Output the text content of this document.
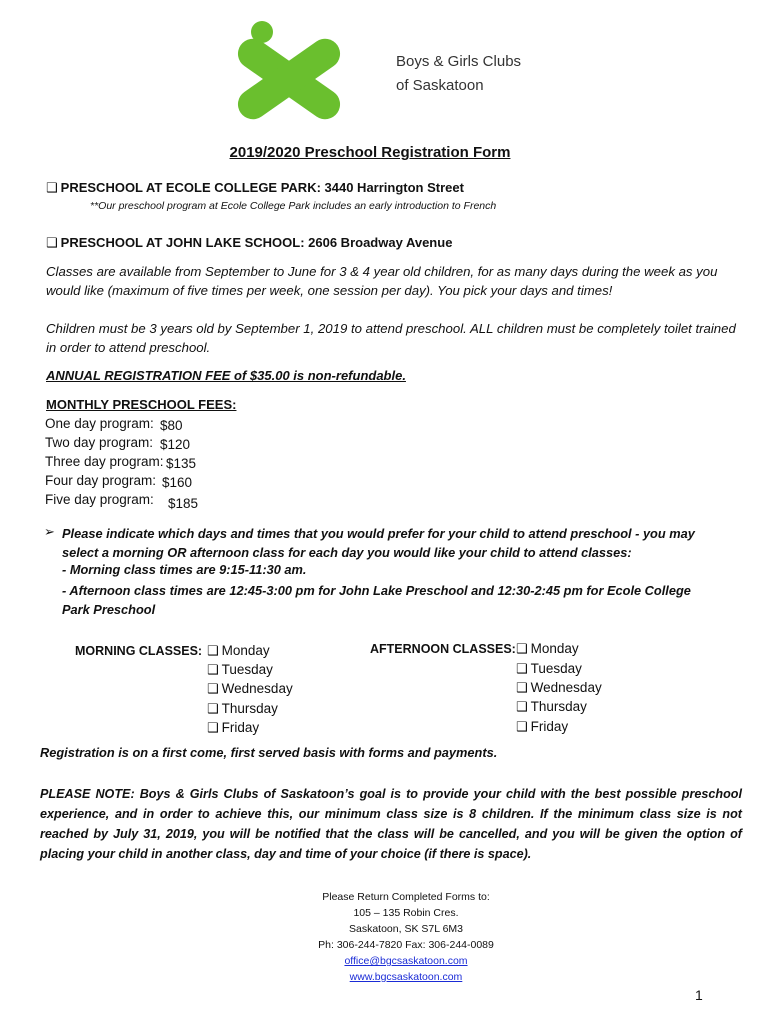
Boys & Girls Clubs
of Saskatoon
2019/2020 Preschool Registration Form
❑ PRESCHOOL AT ECOLE COLLEGE PARK: 3440 Harrington Street
**Our preschool program at Ecole College Park includes an early introduction to French
❑ PRESCHOOL AT JOHN LAKE SCHOOL: 2606 Broadway Avenue
Classes are available from September to June for 3 & 4 year old children, for as many days during the week as you would like (maximum of five times per week, one session per day). You pick your days and times!
Children must be 3 years old by September 1, 2019 to attend preschool. ALL children must be completely toilet trained in order to attend preschool.
ANNUAL REGISTRATION FEE of $35.00 is non-refundable.
MONTHLY PRESCHOOL FEES:
One day program: $80
Two day program: $120
Three day program: $135
Four day program: $160
Five day program: $185
➢ Please indicate which days and times that you would prefer for your child to attend preschool - you may select a morning OR afternoon class for each day you would like your child to attend classes:
- Morning class times are 9:15-11:30 am.
- Afternoon class times are 12:45-3:00 pm for John Lake Preschool and 12:30-2:45 pm for Ecole College Park Preschool
MORNING CLASSES: ❑ Monday
❑ Tuesday
❑ Wednesday
❑ Thursday
❑ Friday
AFTERNOON CLASSES: ❑ Monday
❑ Tuesday
❑ Wednesday
❑ Thursday
❑ Friday
Registration is on a first come, first served basis with forms and payments.
PLEASE NOTE: Boys & Girls Clubs of Saskatoon’s goal is to provide your child with the best possible preschool experience, and in order to achieve this, our minimum class size is 8 children. If the minimum class size is not reached by July 31, 2019, you will be notified that the class will be cancelled, and you will be given the option of placing your child in another class, day and time of your choice (if there is space).
Please Return Completed Forms to:
105 – 135 Robin Cres.
Saskatoon, SK S7L 6M3
Ph: 306-244-7820 Fax: 306-244-0089
office@bgcsaskatoon.com
www.bgcsaskatoon.com
1
